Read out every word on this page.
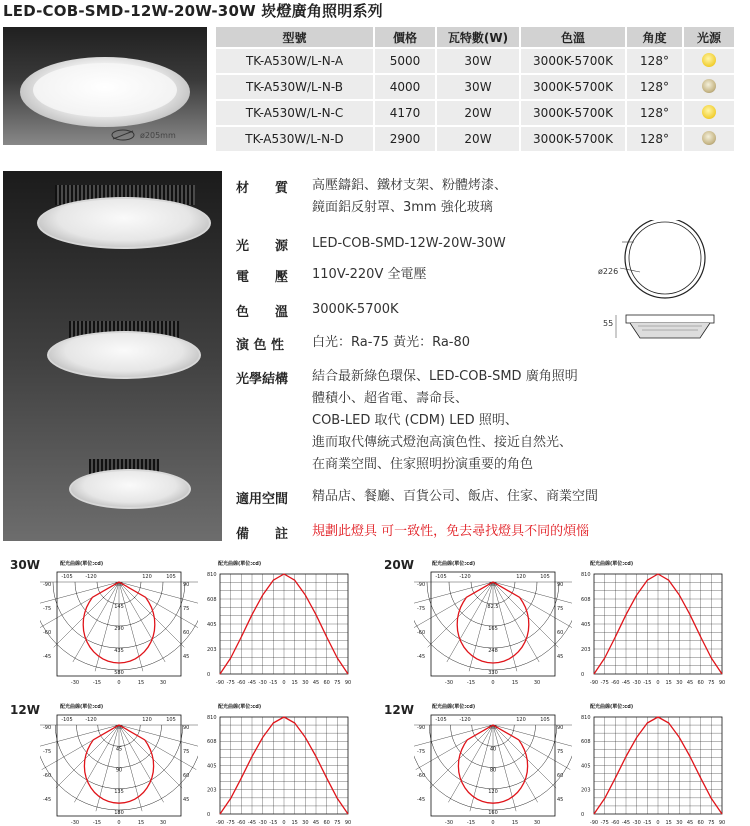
LED-COB-SMD-12W-20W-30W 崁燈廣角照明系列
ø205mm
型號	價格	瓦特數(W)	色溫	角度	光源
TK-A530W/L-N-A	5000	30W	3000K-5700K	128°	
TK-A530W/L-N-B	4000	30W	3000K-5700K	128°	
TK-A530W/L-N-C	4170	20W	3000K-5700K	128°	
TK-A530W/L-N-D	2900	20W	3000K-5700K	128°	
材　　質	高壓鑄鋁、鐵材支架、粉體烤漆、
鏡面鋁反射罩、3mm 強化玻璃
光　　源	LED-COB-SMD-12W-20W-30W
電　　壓	110V-220V 全電壓
色　　溫	3000K-5700K
演 色 性	白光：Ra-75 黃光：Ra-80
光學結構	結合最新綠色環保、LED-COB-SMD 廣角照明
體積小、超省電、壽命長、
COB-LED 取代 (CDM) LED 照明、
進而取代傳統式燈泡高演色性、接近自然光、
在商業空間、住家照明扮演重要的角色
適用空間	精品店、餐廳、百貨公司、飯店、住家、商業空間
備　　註	規劃此燈具 可一致性，免去尋找燈具不同的煩惱
ø226
55
30W	20W
12W	12W
配光曲線(單位:cd)	配光曲線(單位:cd)	配光曲線(單位:cd)	配光曲線(單位:cd)
配光曲線(單位:cd)	配光曲線(單位:cd)	配光曲線(單位:cd)	配光曲線(單位:cd)
-105	-120	120	105
-90
-75
-60
-45
90
75
60
45
-30	-15	0	15	30
0.0
145
290
435
580
810
608
405
203
0
-90 -75 -60 -45 -30 -15 0 15 30 45 60 75 90
-105	-120	120	105
-90
-75
-60
-45
90
75
60
45
-30	-15	0	15	30
0.0
82.5
165
248
330
810
608
405
203
0
-90 -75 -60 -45 -30 -15 0 15 30 45 60 75 90
-105	-120	120	105
-90
-75
-60
-45
90
75
60
45
-30	-15	0	15	30
0.0
45
90
135
180
810
608
405
203
0
-90 -75 -60 -45 -30 -15 0 15 30 45 60 75 90
-105	-120	120	105
-90
-75
-60
-45
90
75
60
45
-30	-15	0	15	30
0.0
40
80
120
160
810
608
405
203
0
-90 -75 -60 -45 -30 -15 0 15 30 45 60 75 90
